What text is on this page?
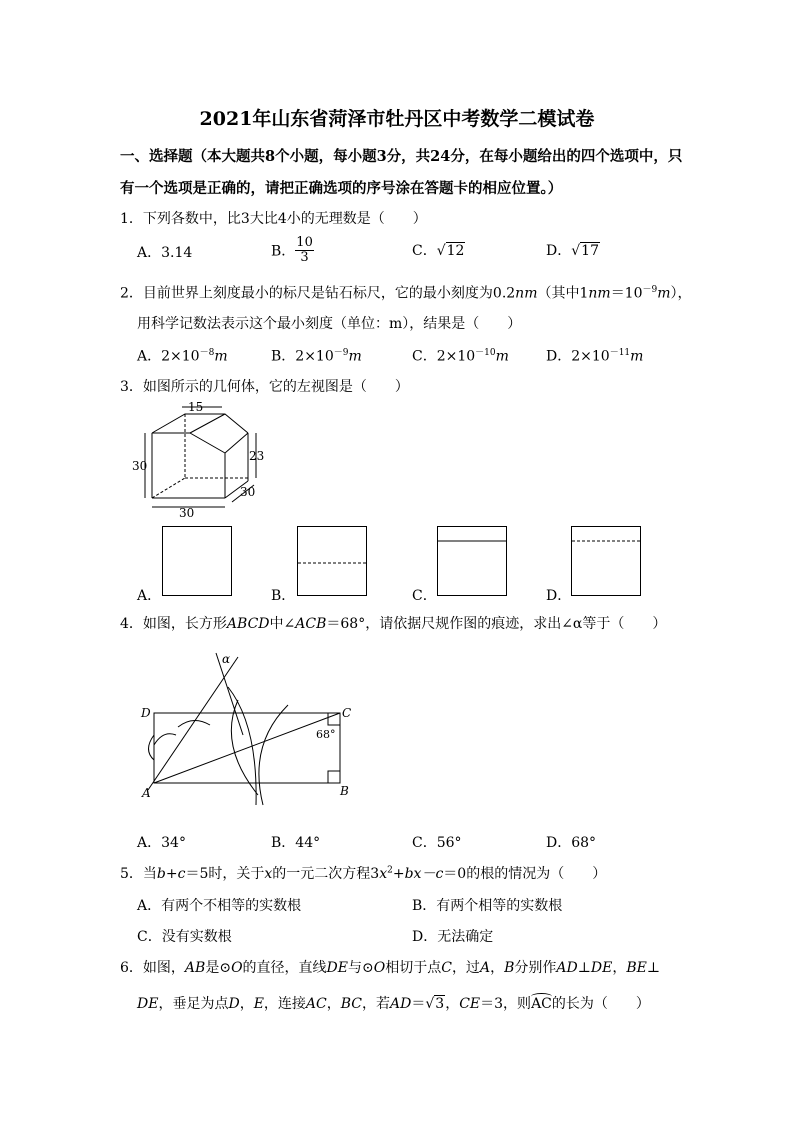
2021年山东省菏泽市牡丹区中考数学二模试卷
一、选择题（本大题共8个小题，每小题3分，共24分，在每小题给出的四个选项中，只
有一个选项是正确的，请把正确选项的序号涂在答题卡的相应位置。）
1．下列各数中，比3大比4小的无理数是（　　）
A．3.14	B． $\frac{10}{3}$	C．√12	D．√17
2．目前世界上刻度最小的标尺是钻石标尺，它的最小刻度为0.2nm（其中$1nm=10^{-9}m$），
用科学记数法表示这个最小刻度（单位：m），结果是（　　）
A．$2\times 10^{-8}m$	B．$2\times 10^{-9}m$	C．$2\times 10^{-10}m$	D．$2\times 10^{-11}m$
3．如图所示的几何体，它的左视图是（　　）
15
30
23
30
30
A．	B．	C．	D．
4．如图，长方形ABCD中∠ACB＝68°，请依据尺规作图的痕迹，求出∠α等于（　　）
α
D	C
A	B
68°
A．34°	B．44°	C．56°	D．68°
5．当b+c＝5时，关于x的一元二次方程$3x^2+bx-c=0$的根的情况为（　　）
A．有两个不相等的实数根	B．有两个相等的实数根
C．没有实数根	D．无法确定
6．如图，AB是⊙O的直径，直线DE与⊙O相切于点C，过A，B分别作AD⊥DE，BE⊥
DE，垂足为点D，E，连接AC，BC，若AD＝√3，CE＝3，则
AC的长为（　　）
